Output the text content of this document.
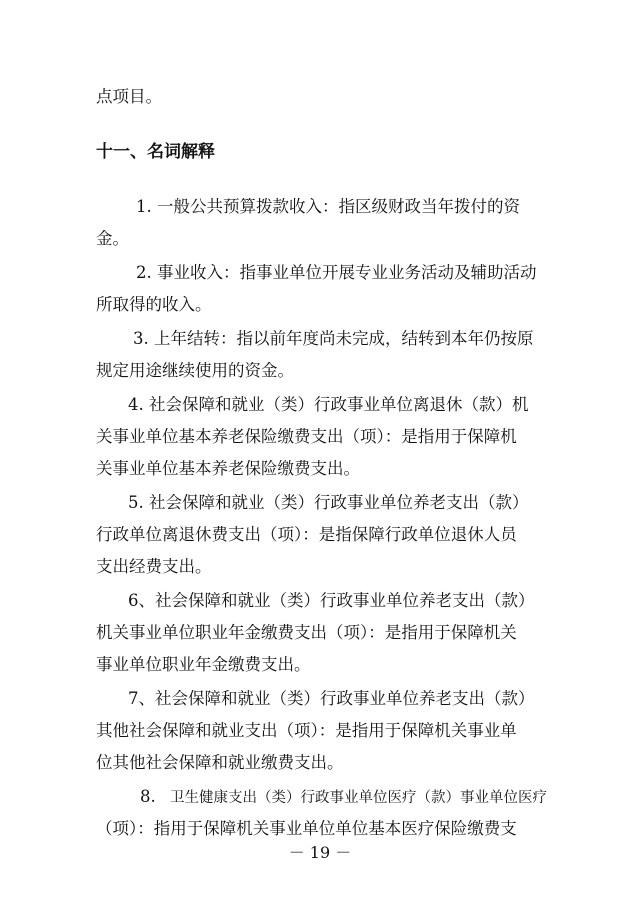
点项目。
十一、名词解释
1. 一般公共预算拨款收入：指区级财政当年拨付的资
金。
2. 事业收入：指事业单位开展专业业务活动及辅助活动
所取得的收入。
3. 上年结转：指以前年度尚未完成，结转到本年仍按原
规定用途继续使用的资金。
4. 社会保障和就业（类）行政事业单位离退休（款）机
关事业单位基本养老保险缴费支出（项）：是指用于保障机
关事业单位基本养老保险缴费支出。
5. 社会保障和就业（类）行政事业单位养老支出（款）
行政单位离退休费支出（项）：是指保障行政单位退休人员
支出经费支出。
6、社会保障和就业（类）行政事业单位养老支出（款）
机关事业单位职业年金缴费支出（项）：是指用于保障机关
事业单位职业年金缴费支出。
7、社会保障和就业（类）行政事业单位养老支出（款）
其他社会保障和就业支出（项）：是指用于保障机关事业单
位其他社会保障和就业缴费支出。
8. 卫生健康支出（类）行政事业单位医疗（款）事业单位医疗
（项）：指用于保障机关事业单位单位基本医疗保险缴费支
－ 19 －
